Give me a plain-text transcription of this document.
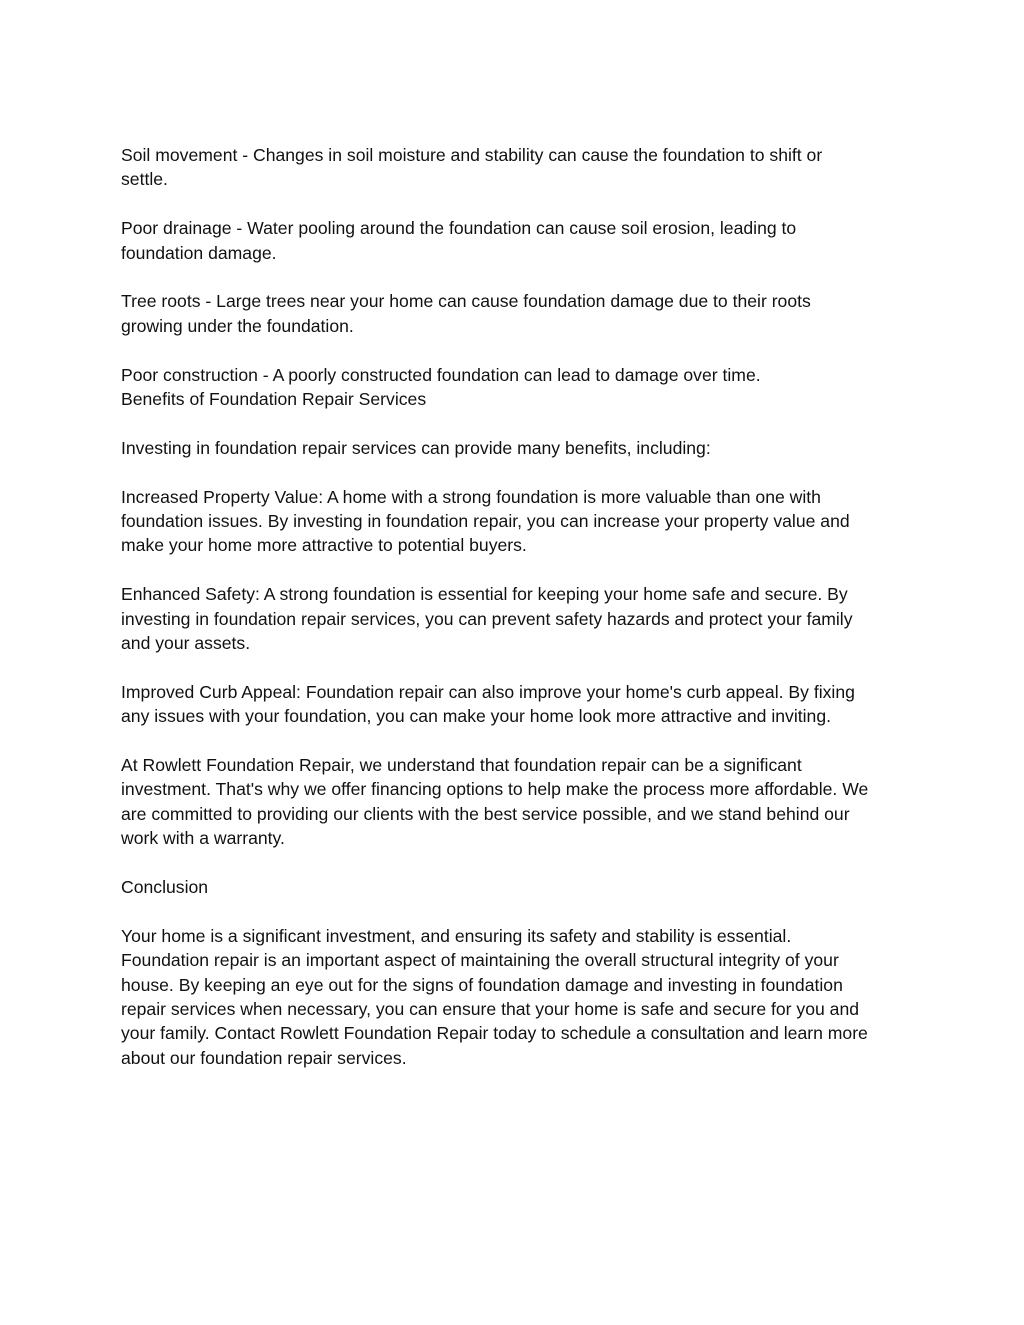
Soil movement - Changes in soil moisture and stability can cause the foundation to shift or
settle.

Poor drainage - Water pooling around the foundation can cause soil erosion, leading to
foundation damage.

Tree roots - Large trees near your home can cause foundation damage due to their roots
growing under the foundation.

Poor construction - A poorly constructed foundation can lead to damage over time.
Benefits of Foundation Repair Services

Investing in foundation repair services can provide many benefits, including:

Increased Property Value: A home with a strong foundation is more valuable than one with
foundation issues. By investing in foundation repair, you can increase your property value and
make your home more attractive to potential buyers.

Enhanced Safety: A strong foundation is essential for keeping your home safe and secure. By
investing in foundation repair services, you can prevent safety hazards and protect your family
and your assets.

Improved Curb Appeal: Foundation repair can also improve your home's curb appeal. By fixing
any issues with your foundation, you can make your home look more attractive and inviting.

At Rowlett Foundation Repair, we understand that foundation repair can be a significant
investment. That's why we offer financing options to help make the process more affordable. We
are committed to providing our clients with the best service possible, and we stand behind our
work with a warranty.

Conclusion

Your home is a significant investment, and ensuring its safety and stability is essential.
Foundation repair is an important aspect of maintaining the overall structural integrity of your
house. By keeping an eye out for the signs of foundation damage and investing in foundation
repair services when necessary, you can ensure that your home is safe and secure for you and
your family. Contact Rowlett Foundation Repair today to schedule a consultation and learn more
about our foundation repair services.
